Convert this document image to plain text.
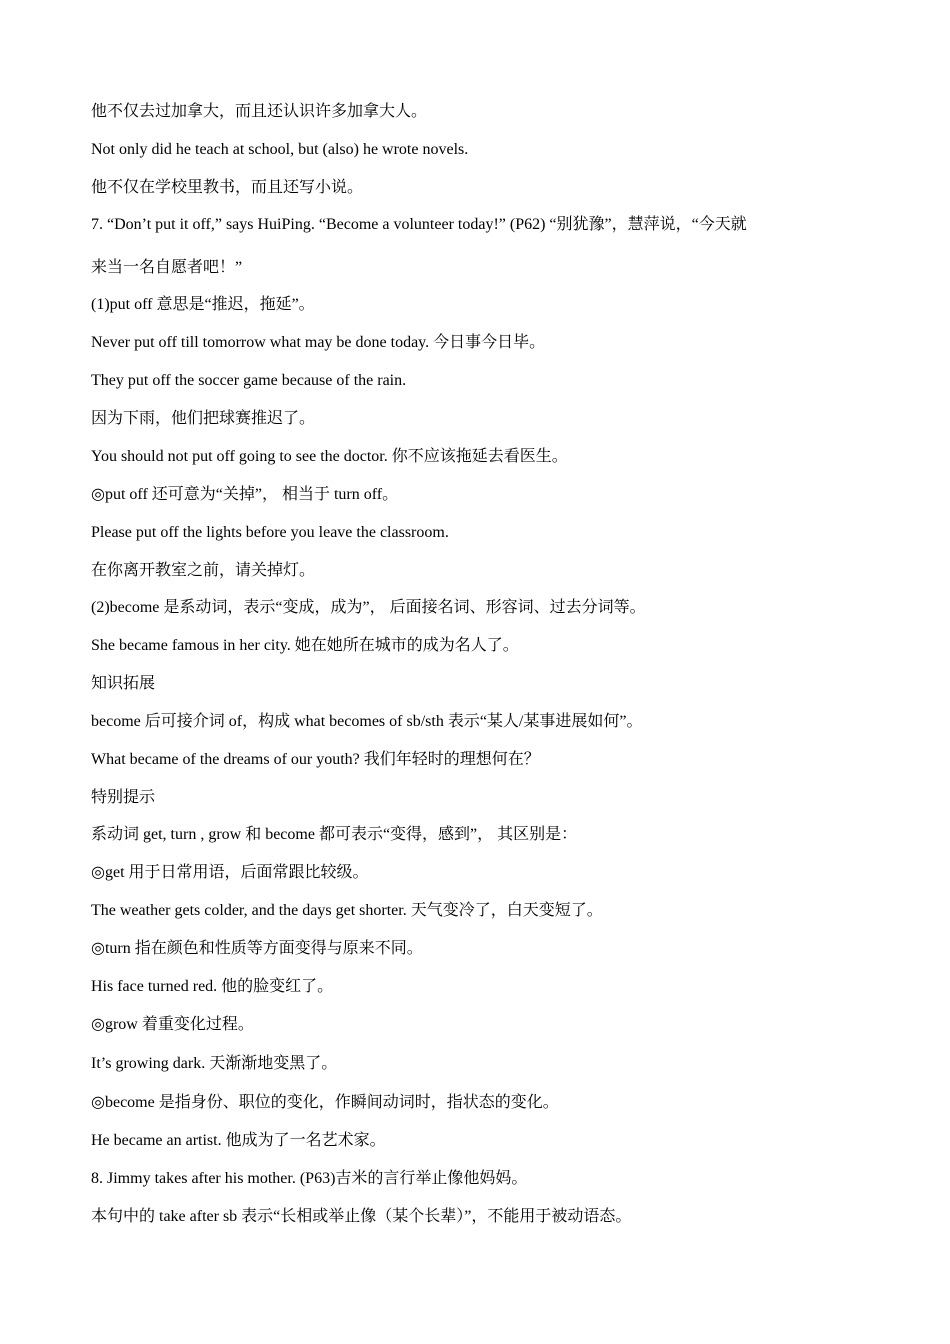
他不仅去过加拿大，而且还认识许多加拿大人。
Not only did he teach at school, but (also) he wrote novels.
他不仅在学校里教书，而且还写小说。
7. “Don’t put it off,” says HuiPing. “Become a volunteer today!” (P62) “别犹豫”，慧萍说，“今天就
来当一名自愿者吧！”
(1)put off 意思是“推迟，拖延”。
Never put off till tomorrow what may be done today. 今日事今日毕。
They put off the soccer game because of the rain.
因为下雨，他们把球赛推迟了。
You should not put off going to see the doctor. 你不应该拖延去看医生。
◎put off 还可意为“关掉”， 相当于 turn off。
Please put off the lights before you leave the classroom.
在你离开教室之前，请关掉灯。
(2)become 是系动词，表示“变成，成为”， 后面接名词、形容词、过去分词等。
She became famous in her city. 她在她所在城市的成为名人了。
知识拓展
become 后可接介词 of，构成 what becomes of sb/sth 表示“某人/某事进展如何”。
What became of the dreams of our youth? 我们年轻时的理想何在？
特别提示
系动词 get, turn , grow 和 become 都可表示“变得，感到”， 其区别是：
◎get 用于日常用语，后面常跟比较级。
The weather gets colder, and the days get shorter. 天气变冷了，白天变短了。
◎turn 指在颜色和性质等方面变得与原来不同。
His face turned red. 他的脸变红了。
◎grow 着重变化过程。
It’s growing dark. 天渐渐地变黑了。
◎become 是指身份、职位的变化，作瞬间动词时，指状态的变化。
He became an artist. 他成为了一名艺术家。
8. Jimmy takes after his mother. (P63)吉米的言行举止像他妈妈。
本句中的 take after sb 表示“长相或举止像（某个长辈）”，不能用于被动语态。
